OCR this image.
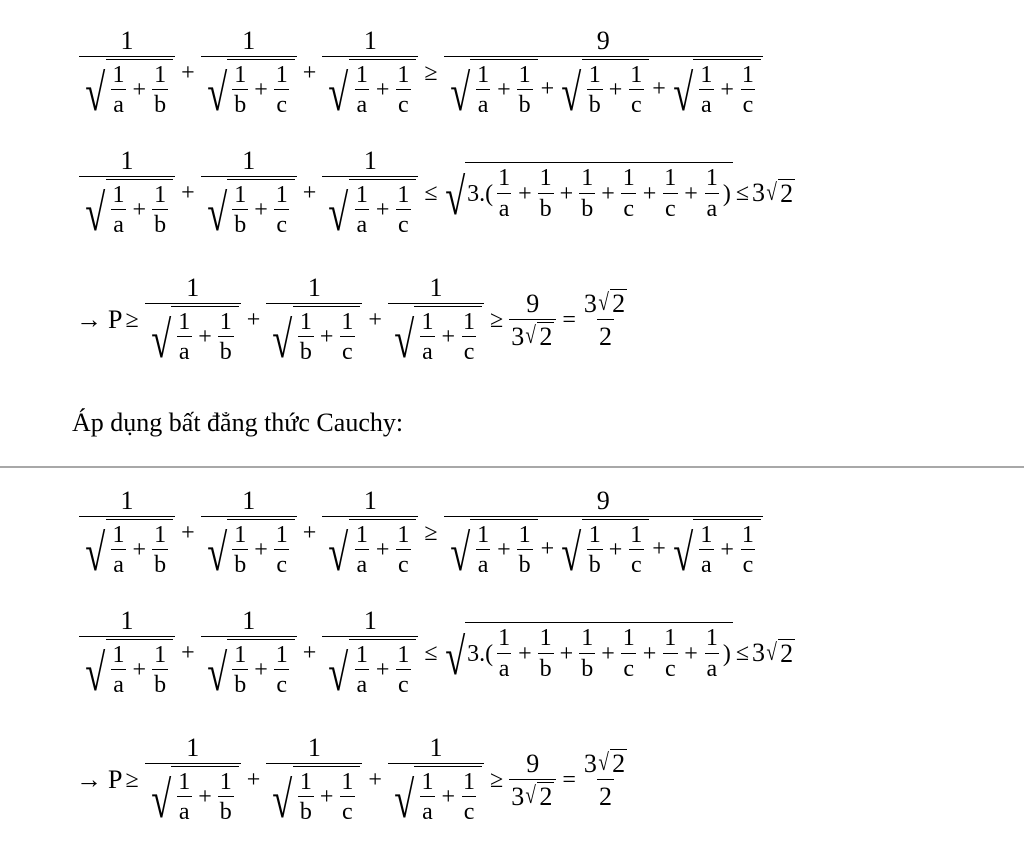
$\frac{1}{√ \frac{1}{a} + \frac{1}{b}} + \frac{1}{√ \frac{1}{b} + \frac{1}{c}} + \frac{1}{√ \frac{1}{a} + \frac{1}{c}}$ ≥
9
√ $\frac{1}{a} + \frac{1}{b}$ + √ $\frac{1}{b} + \frac{1}{c}$ + √ $\frac{1}{a} + \frac{1}{c}$
$\frac{1}{√ \frac{1}{a} + \frac{1}{b}} + \frac{1}{√ \frac{1}{b} + \frac{1}{c}} + \frac{1}{√ \frac{1}{a} + \frac{1}{c}}$ ≤ √ $3.( \frac{1}{a} + \frac{1}{b} + \frac{1}{b} + \frac{1}{c} + \frac{1}{c} + \frac{1}{a}$ ) ≤ 3 √ 2
→ $P \ge \frac{1}{√ \frac{1}{a} + \frac{1}{b}} + \frac{1}{√ \frac{1}{b} + \frac{1}{c}} + \frac{1}{√ \frac{1}{a} + \frac{1}{c}} \ge \frac{9}{3 √ 2} = \frac{3 √ 2}{2}$
Áp dụng bất đẳng thức Cauchy:
$\frac{1}{√ \frac{1}{a} + \frac{1}{b}} + \frac{1}{√ \frac{1}{b} + \frac{1}{c}} + \frac{1}{√ \frac{1}{a} + \frac{1}{c}}$ ≥
9
√ $\frac{1}{a} + \frac{1}{b}$ + √ $\frac{1}{b} + \frac{1}{c}$ + √ $\frac{1}{a} + \frac{1}{c}$
$\frac{1}{√ \frac{1}{a} + \frac{1}{b}} + \frac{1}{√ \frac{1}{b} + \frac{1}{c}} + \frac{1}{√ \frac{1}{a} + \frac{1}{c}}$ ≤ √ $3.( \frac{1}{a} + \frac{1}{b} + \frac{1}{b} + \frac{1}{c} + \frac{1}{c} + \frac{1}{a}$ ) ≤ 3 √ 2
→ $P \ge \frac{1}{√ \frac{1}{a} + \frac{1}{b}} + \frac{1}{√ \frac{1}{b} + \frac{1}{c}} + \frac{1}{√ \frac{1}{a} + \frac{1}{c}} \ge \frac{9}{3 √ 2} = \frac{3 √ 2}{2}$
